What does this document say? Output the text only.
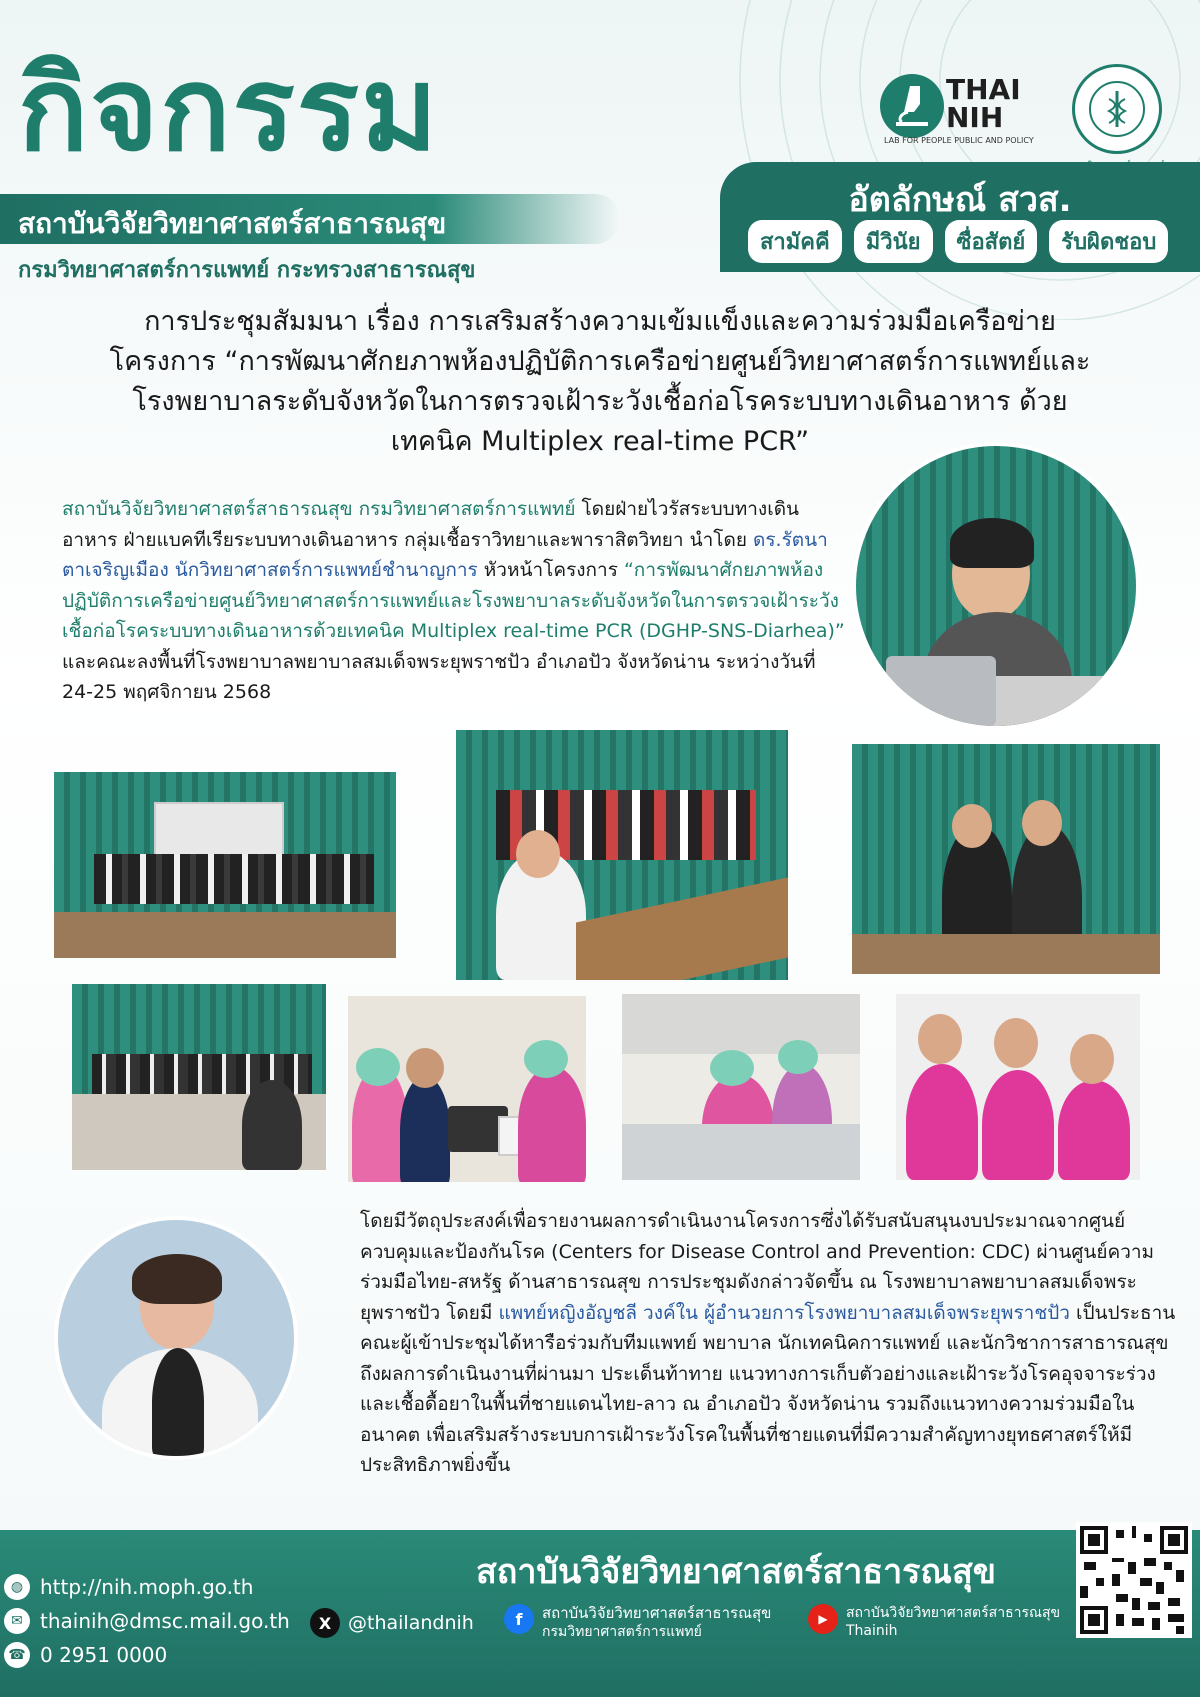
กิจกรรม
สถาบันวิจัยวิทยาศาสตร์สาธารณสุข
กรมวิทยาศาสตร์การแพทย์ กระทรวงสาธารณสุข
THAI NIH
LAB FOR PEOPLE PUBLIC AND POLICY
อัตลักษณ์ สวส.
สามัคคี	มีวินัย	ซื่อสัตย์	รับผิดชอบ
การประชุมสัมมนา เรื่อง การเสริมสร้างความเข้มแข็งและความร่วมมือเครือข่าย
โครงการ “การพัฒนาศักยภาพห้องปฏิบัติการเครือข่ายศูนย์วิทยาศาสตร์การแพทย์และ
โรงพยาบาลระดับจังหวัดในการตรวจเฝ้าระวังเชื้อก่อโรคระบบทางเดินอาหาร ด้วย
เทคนิค Multiplex real-time PCR”
สถาบันวิจัยวิทยาศาสตร์สาธารณสุข กรมวิทยาศาสตร์การแพทย์ โดยฝ่ายไวรัสระบบทางเดินอาหาร ฝ่ายแบคทีเรียระบบทางเดินอาหาร กลุ่มเชื้อราวิทยาและพาราสิตวิทยา นำโดย ดร.รัตนา ตาเจริญเมือง นักวิทยาศาสตร์การแพทย์ชำนาญการ หัวหน้าโครงการ “การพัฒนาศักยภาพห้องปฏิบัติการเครือข่ายศูนย์วิทยาศาสตร์การแพทย์และโรงพยาบาลระดับจังหวัดในการตรวจเฝ้าระวังเชื้อก่อโรคระบบทางเดินอาหารด้วยเทคนิค Multiplex real-time PCR (DGHP-SNS-Diarhea)” และคณะลงพื้นที่โรงพยาบาลพยาบาลสมเด็จพระยุพราชปัว อำเภอปัว จังหวัดน่าน ระหว่างวันที่ 24-25 พฤศจิกายน 2568
โดยมีวัตถุประสงค์เพื่อรายงานผลการดำเนินงานโครงการซึ่งได้รับสนับสนุนงบประมาณจากศูนย์ควบคุมและป้องกันโรค (Centers for Disease Control and Prevention: CDC) ผ่านศูนย์ความร่วมมือไทย-สหรัฐ ด้านสาธารณสุข การประชุมดังกล่าวจัดขึ้น ณ โรงพยาบาลพยาบาลสมเด็จพระยุพราชปัว โดยมี แพทย์หญิงอัญชลี วงค์ใน ผู้อำนวยการโรงพยาบาลสมเด็จพระยุพราชปัว เป็นประธาน คณะผู้เข้าประชุมได้หารือร่วมกับทีมแพทย์ พยาบาล นักเทคนิคการแพทย์ และนักวิชาการสาธารณสุข ถึงผลการดำเนินงานที่ผ่านมา ประเด็นท้าทาย แนวทางการเก็บตัวอย่างและเฝ้าระวังโรคอุจจาระร่วงและเชื้อดื้อยาในพื้นที่ชายแดนไทย-ลาว ณ อำเภอปัว จังหวัดน่าน รวมถึงแนวทางความร่วมมือในอนาคต เพื่อเสริมสร้างระบบการเฝ้าระวังโรคในพื้นที่ชายแดนที่มีความสำคัญทางยุทธศาสตร์ให้มีประสิทธิภาพยิ่งขึ้น
สถาบันวิจัยวิทยาศาสตร์สาธารณสุข
◍ http://nih.moph.go.th
✉ thainih@dmsc.mail.go.th
☎ 0 2951 0000
X @thailandnih	f	สถาบันวิจัยวิทยาศาสตร์สาธารณสุข
กรมวิทยาศาสตร์การแพทย์
▶	สถาบันวิจัยวิทยาศาสตร์สาธารณสุข
Thainih
